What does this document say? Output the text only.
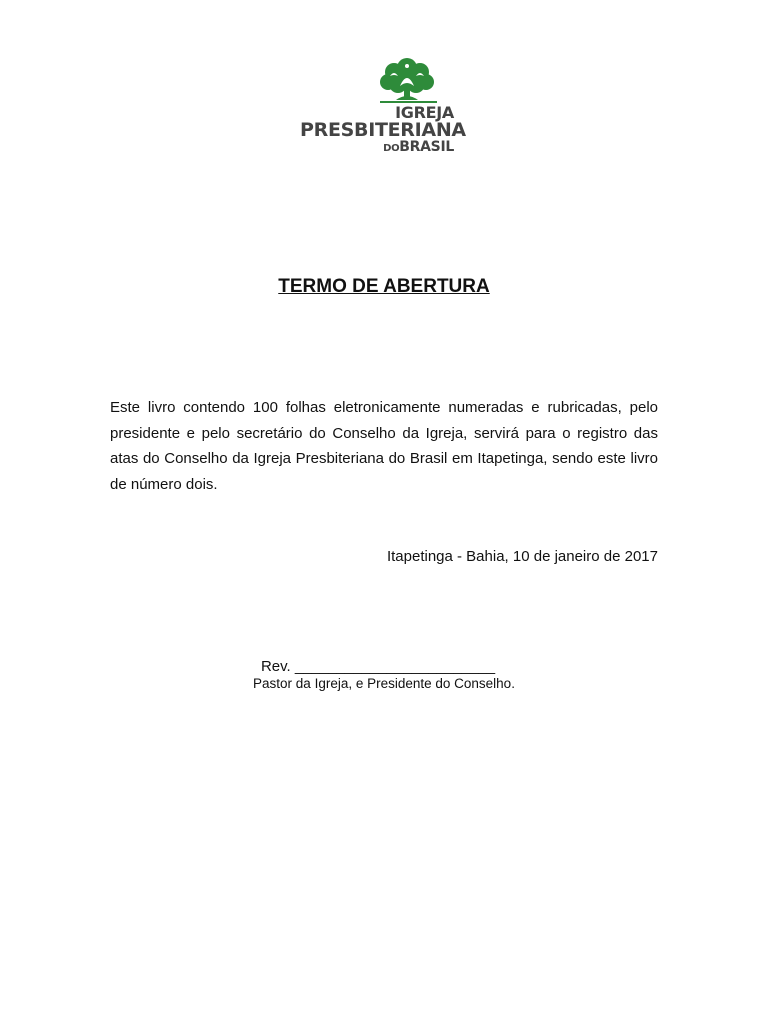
IGREJA
PRESBITERIANA
DOBRASIL
TERMO DE ABERTURA

Este livro contendo 100 folhas eletronicamente numeradas e rubricadas, pelo presidente e pelo secretário do Conselho da Igreja, servirá para o registro das atas do Conselho da Igreja Presbiteriana do Brasil em Itapetinga, sendo este livro de número dois.

Itapetinga - Bahia, 10 de janeiro de 2017

Rev. ________________________

Pastor da Igreja, e Presidente do Conselho.
